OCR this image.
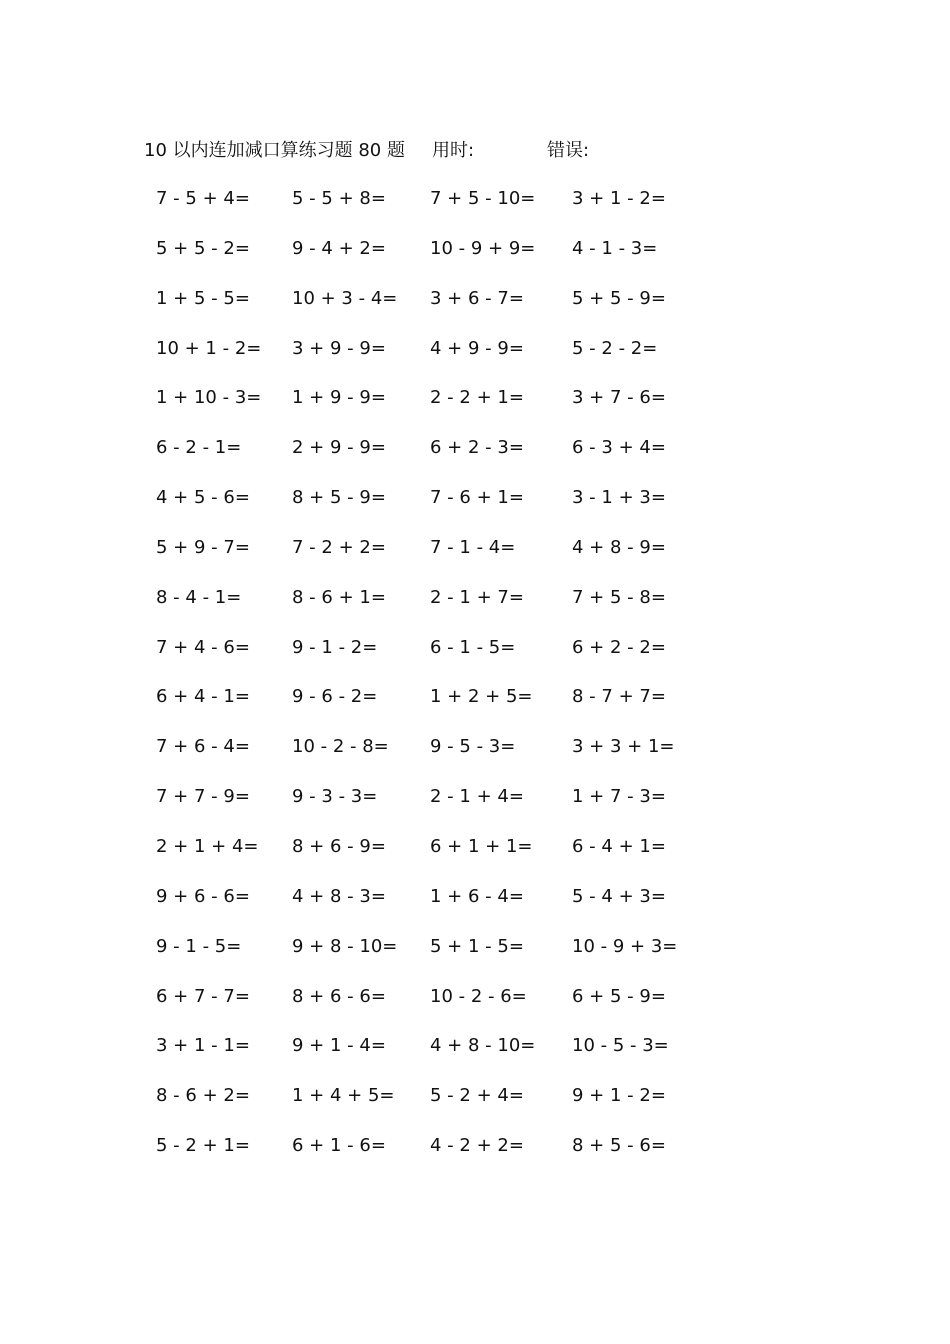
10 以内连加减口算练习题 80 题 用时:	错误:
7 - 5 + 4= 5 - 5 + 8= 7 + 5 - 10= 3 + 1 - 2=
5 + 5 - 2= 9 - 4 + 2= 10 - 9 + 9= 4 - 1 - 3=
1 + 5 - 5= 10 + 3 - 4= 3 + 6 - 7=	5 + 5 - 9=
10 + 1 - 2= 3 + 9 - 9= 4 + 9 - 9=	5 - 2 - 2=
1 + 10 - 3= 1 + 9 - 9= 2 - 2 + 1=	3 + 7 - 6=
6 - 2 - 1=	2 + 9 - 9= 6 + 2 - 3=	6 - 3 + 4=
4 + 5 - 6= 8 + 5 - 9= 7 - 6 + 1=	3 - 1 + 3=
5 + 9 - 7= 7 - 2 + 2= 7 - 1 - 4=	4 + 8 - 9=
8 - 4 - 1=	8 - 6 + 1= 2 - 1 + 7=	7 + 5 - 8=
7 + 4 - 6= 9 - 1 - 2=	6 - 1 - 5=	6 + 2 - 2=
6 + 4 - 1= 9 - 6 - 2=	1 + 2 + 5= 8 - 7 + 7=
7 + 6 - 4= 10 - 2 - 8= 9 - 5 - 3=	3 + 3 + 1=
7 + 7 - 9= 9 - 3 - 3=	2 - 1 + 4=	1 + 7 - 3=
2 + 1 + 4= 8 + 6 - 9= 6 + 1 + 1= 6 - 4 + 1=
9 + 6 - 6= 4 + 8 - 3= 1 + 6 - 4=	5 - 4 + 3=
9 - 1 - 5=	9 + 8 - 10= 5 + 1 - 5=	10 - 9 + 3=
6 + 7 - 7= 8 + 6 - 6= 10 - 2 - 6=	6 + 5 - 9=
3 + 1 - 1= 9 + 1 - 4= 4 + 8 - 10= 10 - 5 - 3=
8 - 6 + 2= 1 + 4 + 5= 5 - 2 + 4=	9 + 1 - 2=
5 - 2 + 1= 6 + 1 - 6= 4 - 2 + 2=	8 + 5 - 6=
